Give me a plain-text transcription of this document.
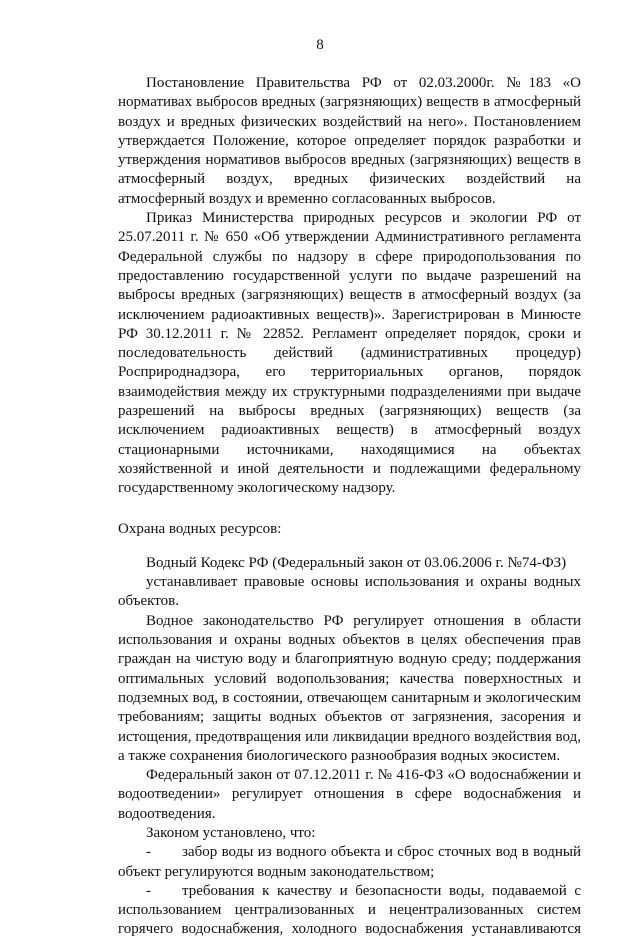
8

Постановление Правительства РФ от 02.03.2000г. №183 «О нормативах выбросов вредных (загрязняющих) веществ в атмосферный воздух и вредных физических воздействий на него». Постановлением утверждается Положение, которое определяет порядок разработки и утверждения нормативов выбросов вредных (загрязняющих) веществ в атмосферный воздух, вредных физических воздействий на атмосферный воздух и временно согласованных выбросов.

Приказ Министерства природных ресурсов и экологии РФ от 25.07.2011 г. № 650 «Об утверждении Административного регламента Федеральной службы по надзору в сфере природопользования по предоставлению государственной услуги по выдаче разрешений на выбросы вредных (загрязняющих) веществ в атмосферный воздух (за исключением радиоактивных веществ)». Зарегистрирован в Минюсте РФ 30.12.2011 г. № 22852. Регламент определяет порядок, сроки и последовательность действий (административных процедур) Росприроднадзора, его территориальных органов, порядок взаимодействия между их структурными подразделениями при выдаче разрешений на выбросы вредных (загрязняющих) веществ (за исключением радиоактивных веществ) в атмосферный воздух стационарными источниками, находящимися на объектах хозяйственной и иной деятельности и подлежащими федеральному государственному экологическому надзору.

Охрана водных ресурсов:

Водный Кодекс РФ (Федеральный закон от 03.06.2006 г. №74-ФЗ)

устанавливает правовые основы использования и охраны водных объектов.

Водное законодательство РФ регулирует отношения в области использования и охраны водных объектов в целях обеспечения прав граждан на чистую воду и благоприятную водную среду; поддержания оптимальных условий водопользования; качества поверхностных и подземных вод, в состоянии, отвечающем санитарным и экологическим требованиям; защиты водных объектов от загрязнения, засорения и истощения, предотвращения или ликвидации вредного воздействия вод, а также сохранения биологического разнообразия водных экосистем.

Федеральный закон от 07.12.2011 г. № 416-ФЗ «О водоснабжении и водоотведении» регулирует отношения в сфере водоснабжения и водоотведения.

Законом установлено, что:

- забор воды из водного объекта и сброс сточных вод в водный объект регулируются водным законодательством;

- требования к качеству и безопасности воды, подаваемой с использованием централизованных и нецентрализованных систем горячего водоснабжения, холодного водоснабжения устанавливаются
